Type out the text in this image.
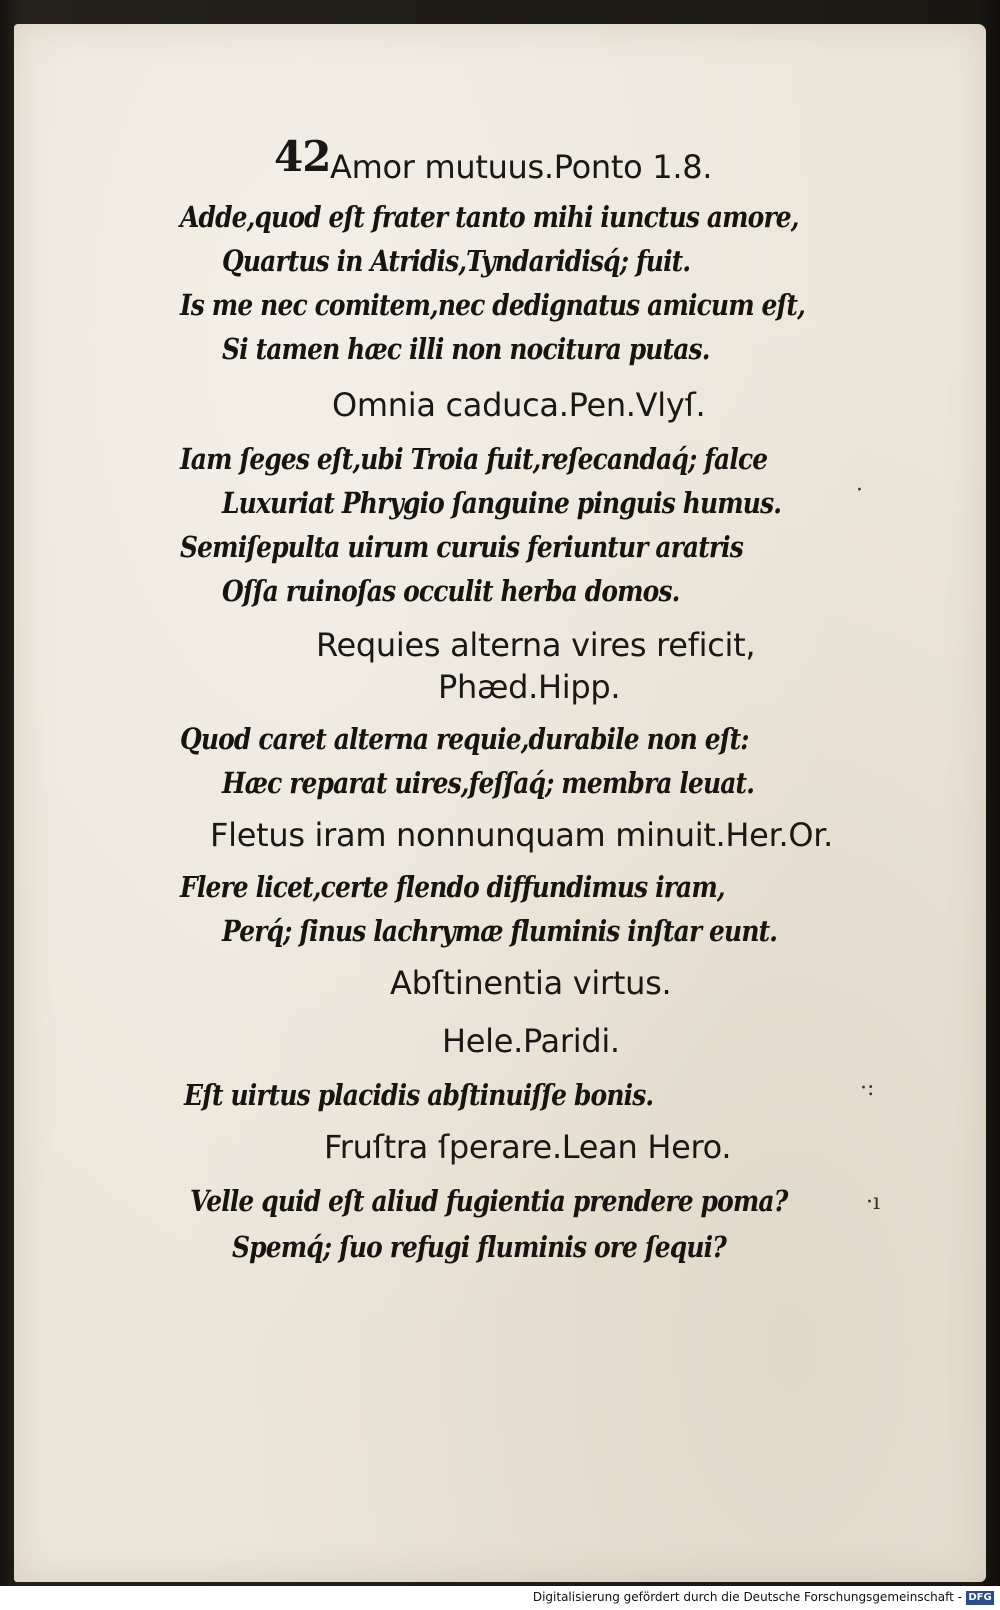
42 Amor mutuus.Ponto 1.8.
Adde,quod eſt frater tanto mihi iunctus amore,
Quartus in Atridis,Tyndaridisq́; fuit.
Is me nec comitem,nec dedignatus amicum eſt,
Si tamen hæc illi non nocitura putas.
Omnia caduca.Pen.Vlyſ.
Iam ſeges eſt,ubi Troia fuit,reſecandaq́; falce
Luxuriat Phrygio ſanguine pinguis humus.
Semiſepulta uirum curuis feriuntur aratris
Oſſa ruinoſas occulit herba domos.
Requies alterna vires reficit,
Phæd.Hipp.
Quod caret alterna requie,durabile non eſt:
Hæc reparat uires,feſſaq́; membra leuat.
Fletus iram nonnunquam minuit.Her.Or.
Flere licet,certe flendo diffundimus iram,
Perq́; ſinus lachrymæ fluminis inſtar eunt.
Abſtinentia virtus.
Hele.Paridi.
Eſt uirtus placidis abſtinuiſſe bonis.
Fruſtra ſperare.Lean Hero.
Velle quid eſt aliud fugientia prendere poma?
Spemq́; ſuo refugi fluminis ore ſequi?
·:
·ı
·
Digitalisierung gefördert durch die Deutsche Forschungsgemeinschaft - DFG
